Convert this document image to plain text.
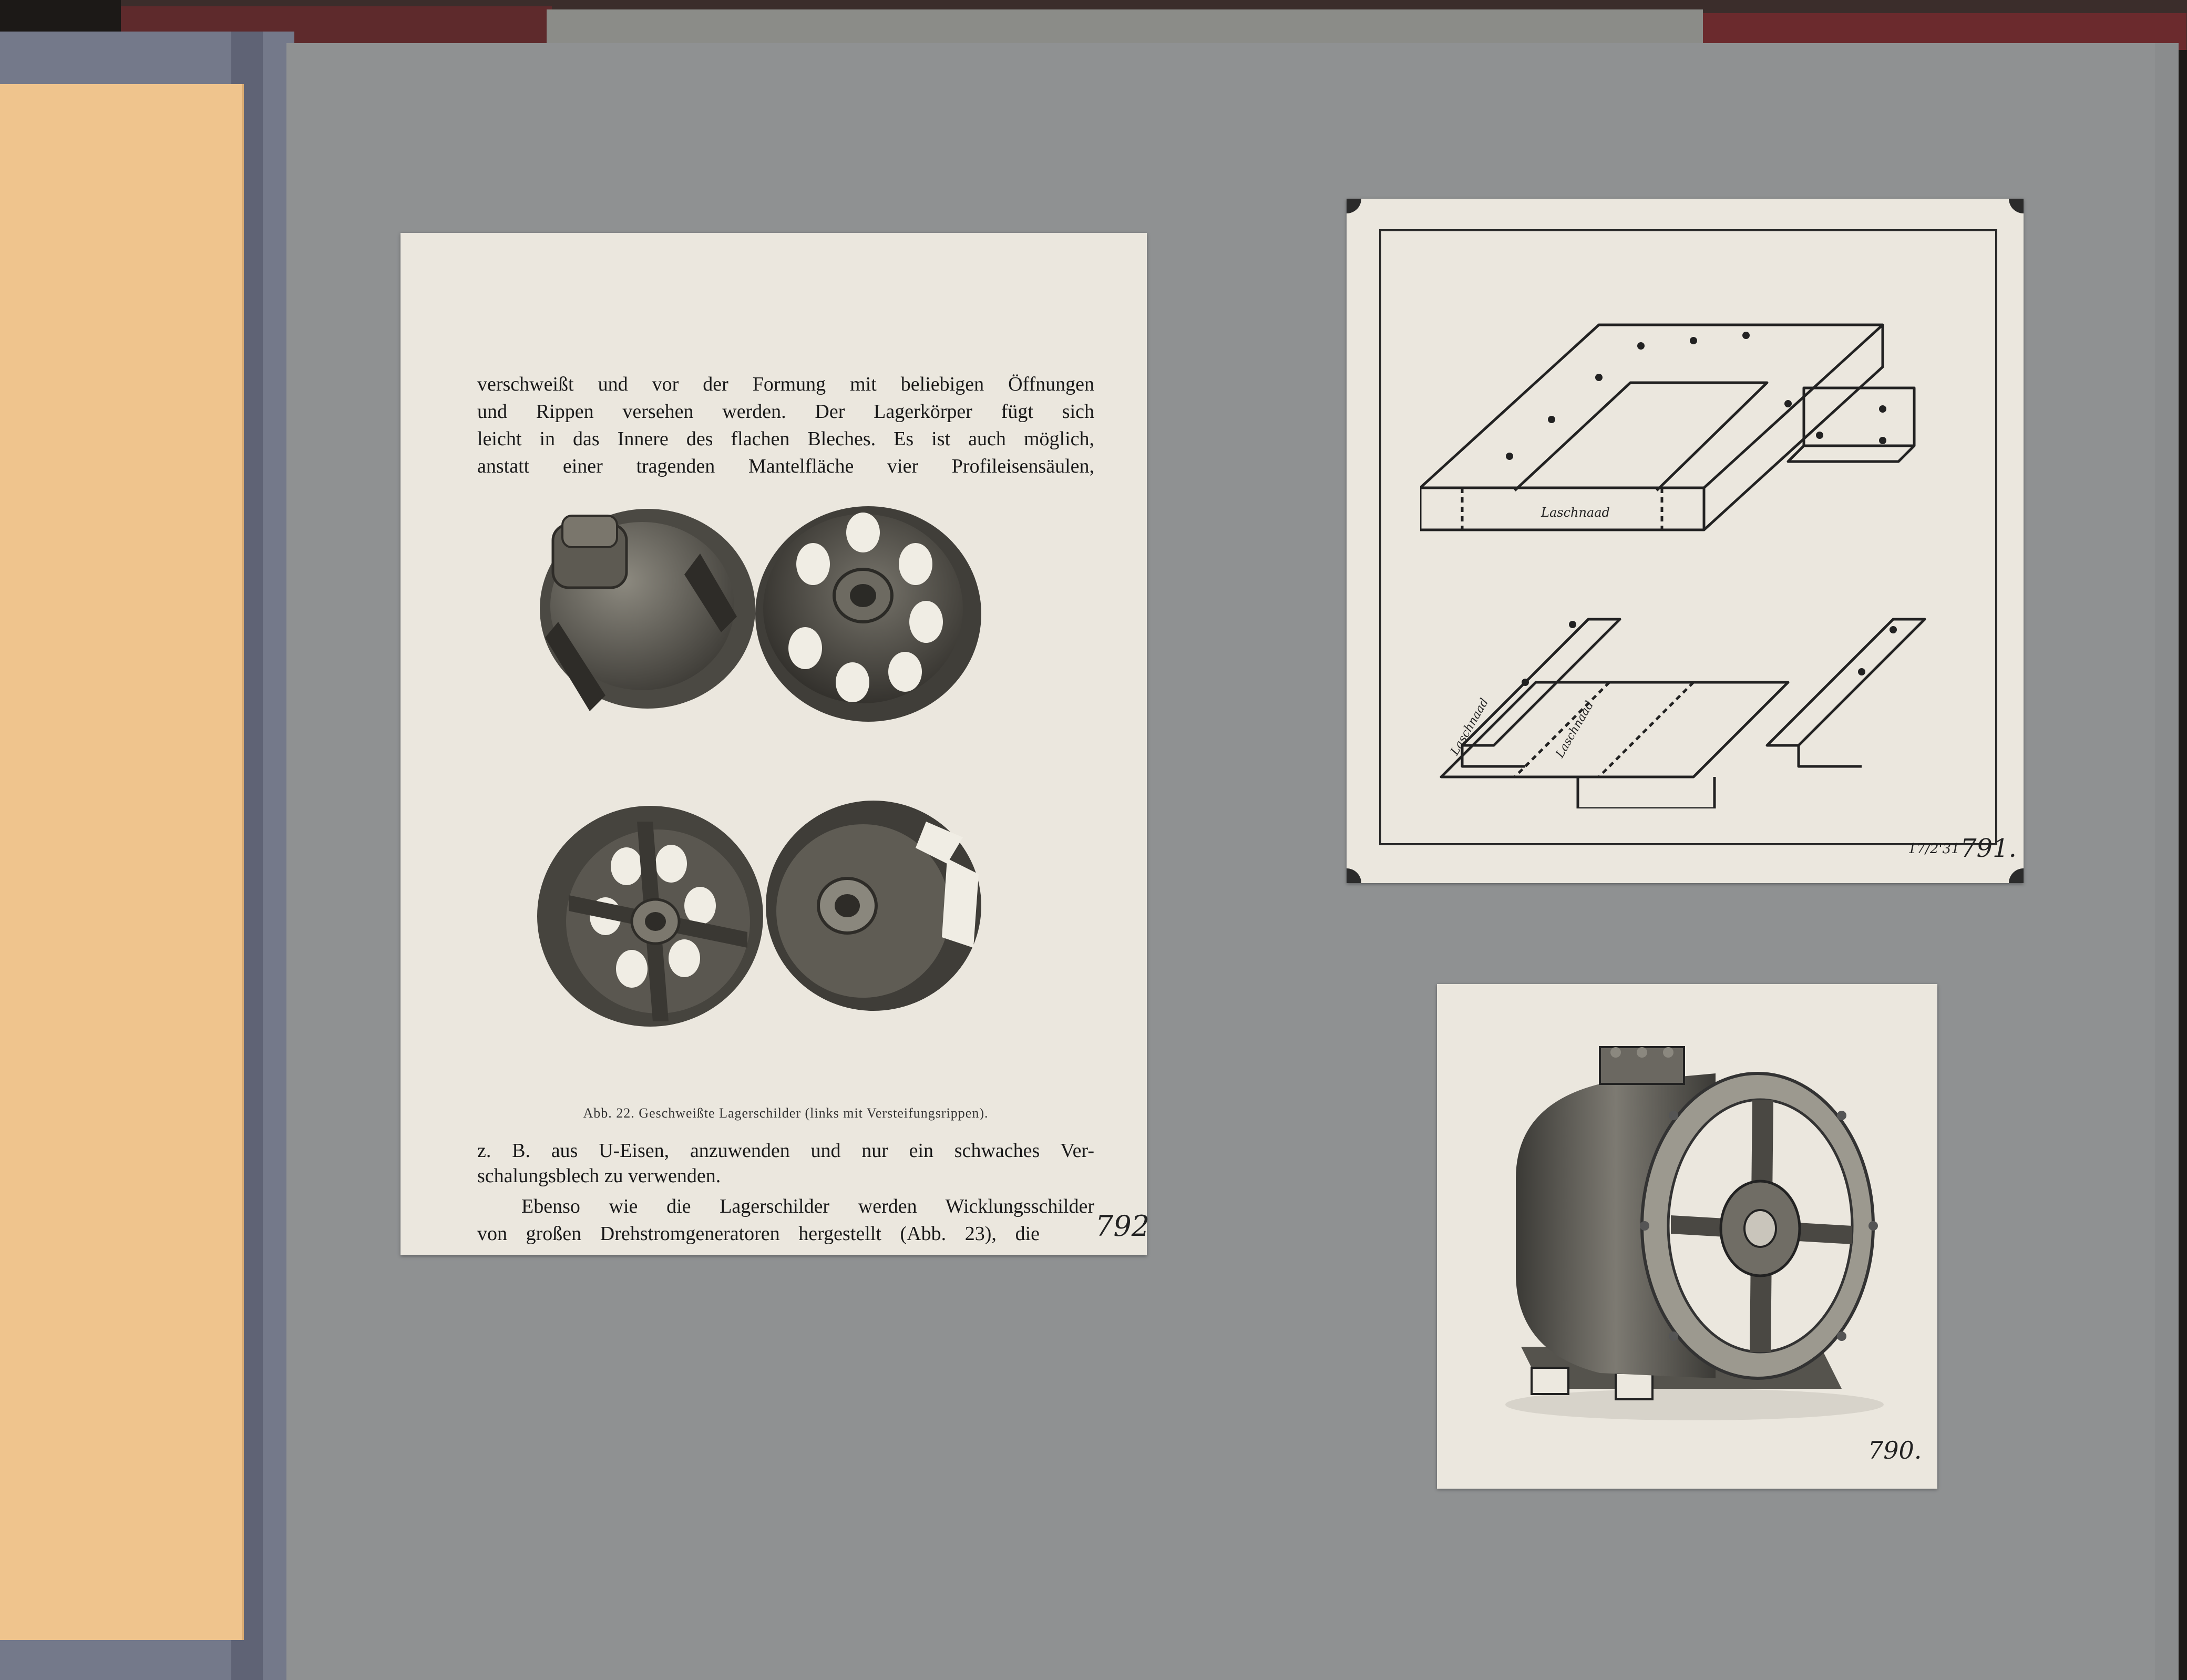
verschweißt und vor der Formung mit beliebigen Öffnungen
und Rippen versehen werden. Der Lagerkörper fügt sich
leicht in das Innere des flachen Bleches. Es ist auch möglich,
anstatt einer tragenden Mantelfläche vier Profileisensäulen,
Abb. 22. Geschweißte Lagerschilder (links mit Versteifungsrippen).
z. B. aus U-Eisen, anzuwenden und nur ein schwaches Ver-
schalungsblech zu verwenden.
Ebenso wie die Lagerschilder werden Wicklungsschilder
von großen Drehstromgeneratoren hergestellt (Abb. 23), die 792
Laschnaad
Laschnaad	Laschnaad
17/2'31 791.
790.
